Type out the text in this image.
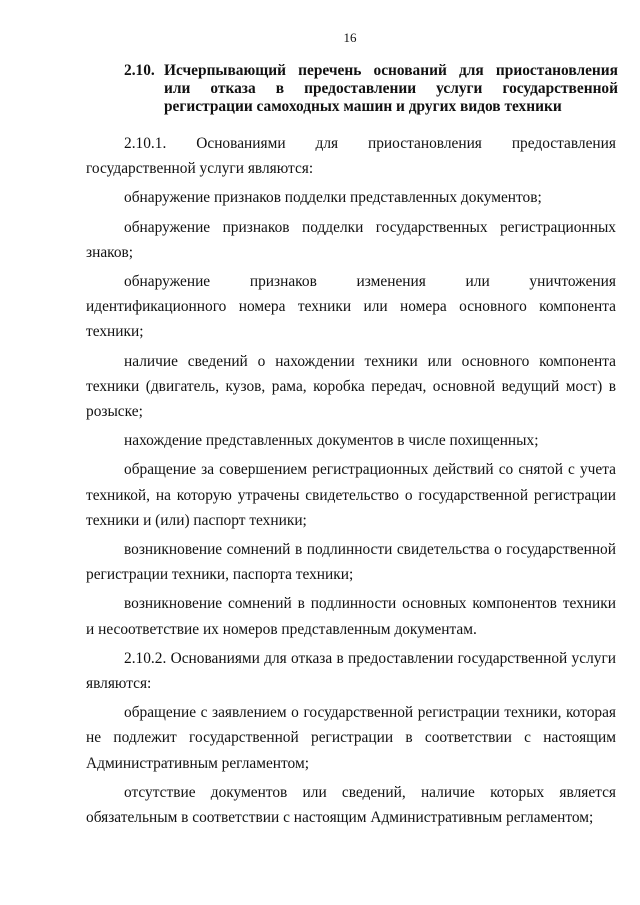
16
2.10. Исчерпывающий перечень оснований для приостановления
или отказа в предоставлении услуги государственной
регистрации самоходных машин и других видов техники
2.10.1. Основаниями для приостановления предоставления
государственной услуги являются:
обнаружение признаков подделки представленных документов;
обнаружение признаков подделки государственных регистрационных
знаков;
обнаружение признаков изменения или уничтожения
идентификационного номера техники или номера основного компонента
техники;
наличие сведений о нахождении техники или основного компонента
техники (двигатель, кузов, рама, коробка передач, основной ведущий мост) в
розыске;
нахождение представленных документов в числе похищенных;
обращение за совершением регистрационных действий со снятой с учета
техникой, на которую утрачены свидетельство о государственной регистрации
техники и (или) паспорт техники;
возникновение сомнений в подлинности свидетельства о государственной
регистрации техники, паспорта техники;
возникновение сомнений в подлинности основных компонентов техники
и несоответствие их номеров представленным документам.
2.10.2. Основаниями для отказа в предоставлении государственной услуги
являются:
обращение с заявлением о государственной регистрации техники, которая
не подлежит государственной регистрации в соответствии с настоящим
Административным регламентом;
отсутствие документов или сведений, наличие которых является
обязательным в соответствии с настоящим Административным регламентом;
